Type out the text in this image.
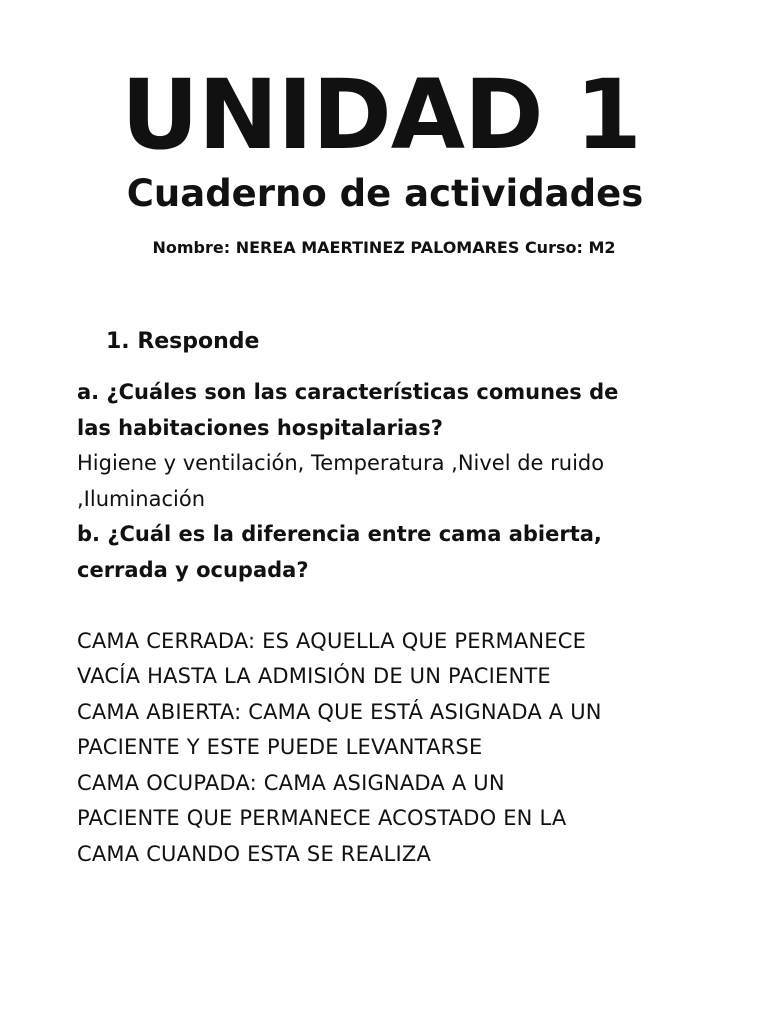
UNIDAD 1
Cuaderno de actividades

Nombre: NEREA MAERTINEZ PALOMARES Curso: M2

1. Responde

a. ¿Cuáles son las características comunes de

las habitaciones hospitalarias?

Higiene y ventilación, Temperatura ,Nivel de ruido

,Iluminación

b. ¿Cuál es la diferencia entre cama abierta,

cerrada y ocupada?

CAMA CERRADA: ES AQUELLA QUE PERMANECE

VACÍA HASTA LA ADMISIÓN DE UN PACIENTE

CAMA ABIERTA: CAMA QUE ESTÁ ASIGNADA A UN

PACIENTE Y ESTE PUEDE LEVANTARSE

CAMA OCUPADA: CAMA ASIGNADA A UN

PACIENTE QUE PERMANECE ACOSTADO EN LA

CAMA CUANDO ESTA SE REALIZA
